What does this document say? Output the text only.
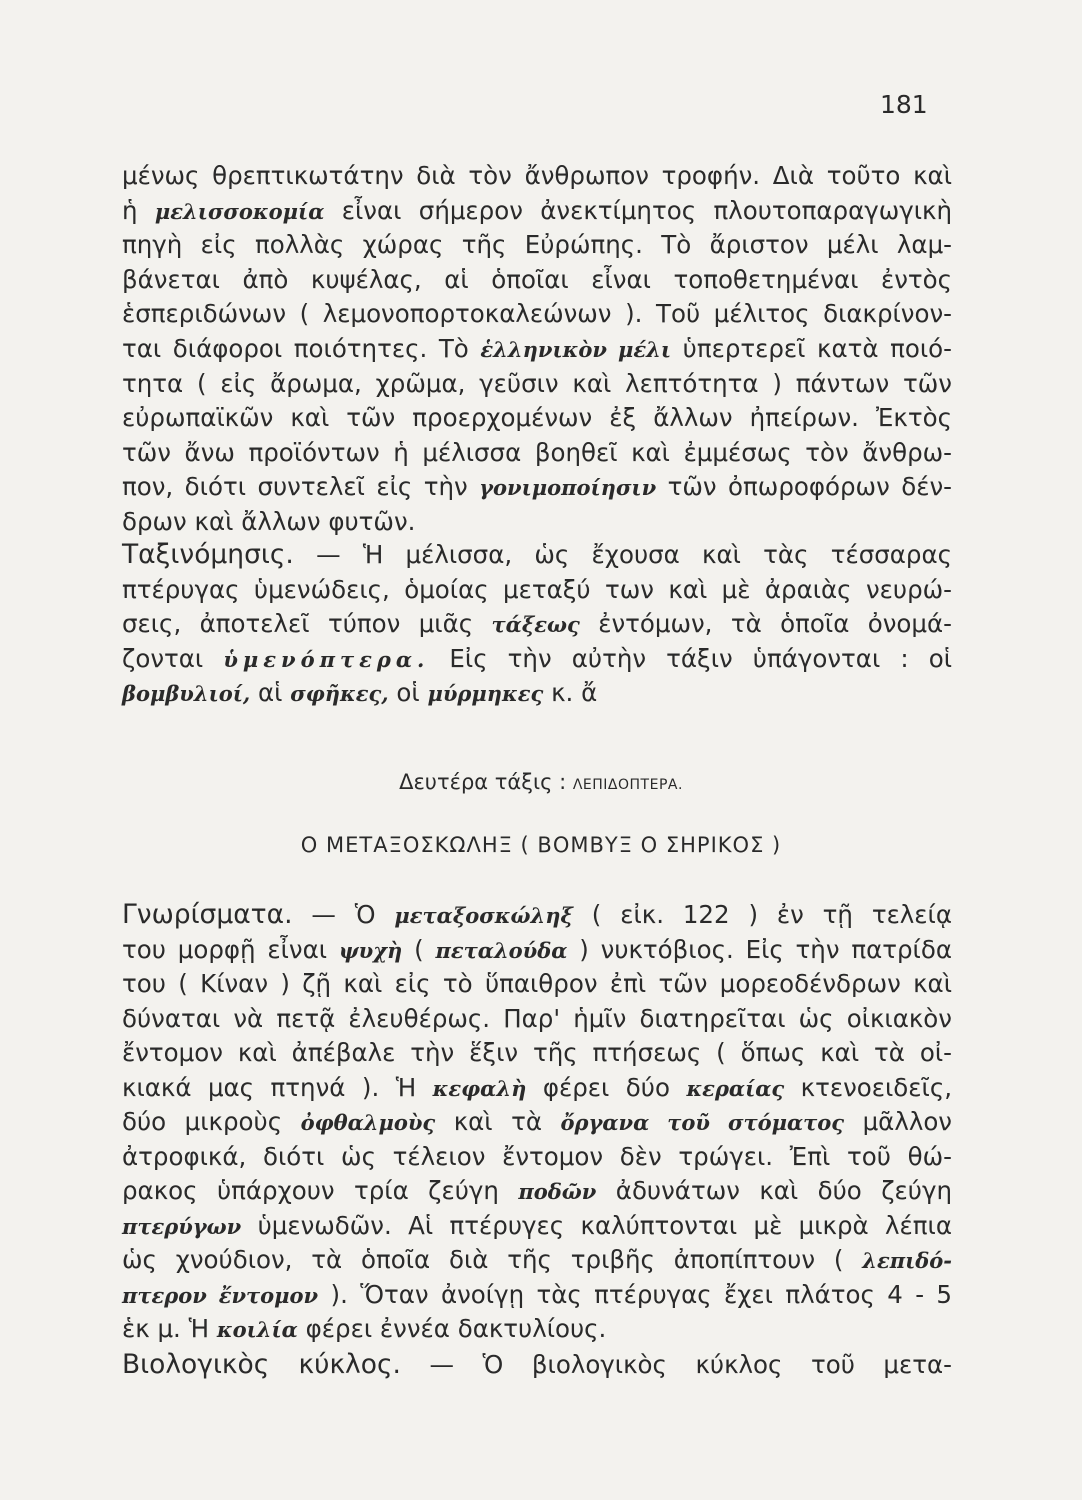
181
μένως θρεπτικωτάτην διὰ τὸν ἄνθρωπον τροφήν. Διὰ τοῦτο καὶ
ἡ μελισσοκομία εἶναι σήμερον ἀνεκτίμητος πλουτοπαραγωγικὴ
πηγὴ εἰς πολλὰς χώρας τῆς Εὐρώπης. Τὸ ἄριστον μέλι λαμ-
βάνεται ἀπὸ κυψέλας, αἱ ὁποῖαι εἶναι τοποθετημέναι ἐντὸς
ἑσπεριδώνων ( λεμονοπορτοκαλεώνων ). Τοῦ μέλιτος διακρίνον-
ται διάφοροι ποιότητες. Τὸ ἑλληνικὸν μέλι ὑπερτερεῖ κατὰ ποιό-
τητα ( εἰς ἄρωμα, χρῶμα, γεῦσιν καὶ λεπτότητα ) πάντων τῶν
εὐρωπαϊκῶν καὶ τῶν προερχομένων ἐξ ἄλλων ἠπείρων. Ἐκτὸς
τῶν ἄνω προϊόντων ἡ μέλισσα βοηθεῖ καὶ ἐμμέσως τὸν ἄνθρω-
πον, διότι συντελεῖ εἰς τὴν γονιμοποίησιν τῶν ὀπωροφόρων δέν-
δρων καὶ ἄλλων φυτῶν.
Ταξινόμησις. — Ἡ μέλισσα, ὡς ἔχουσα καὶ τὰς τέσσαρας
πτέρυγας ὑμενώδεις, ὁμοίας μεταξύ των καὶ μὲ ἀραιὰς νευρώ-
σεις, ἀποτελεῖ τύπον μιᾶς τάξεως ἐντόμων, τὰ ὁποῖα ὀνομά-
ζονται ὑμενόπτερα. Εἰς τὴν αὐτὴν τάξιν ὑπάγονται : οἱ
βομβυλιοί, αἱ σφῆκες, οἱ μύρμηκες κ. ἄ
Γνωρίσματα. — Ὁ μεταξοσκώληξ ( εἰκ. 122 ) ἐν τῇ τελείᾳ
του μορφῇ εἶναι ψυχὴ ( πεταλούδα ) νυκτόβιος. Εἰς τὴν πατρίδα
του ( Κίναν ) ζῇ καὶ εἰς τὸ ὕπαιθρον ἐπὶ τῶν μορεοδένδρων καὶ
δύναται νὰ πετᾷ ἐλευθέρως. Παρ' ἡμῖν διατηρεῖται ὡς οἰκιακὸν
ἔντομον καὶ ἀπέβαλε τὴν ἕξιν τῆς πτήσεως ( ὅπως καὶ τὰ οἰ-
κιακά μας πτηνά ). Ἡ κεφαλὴ φέρει δύο κεραίας κτενοειδεῖς,
δύο μικροὺς ὀφθαλμοὺς καὶ τὰ ὄργανα τοῦ στόματος μᾶλλον
ἀτροφικά, διότι ὡς τέλειον ἔντομον δὲν τρώγει. Ἐπὶ τοῦ θώ-
ρακος ὑπάρχουν τρία ζεύγη ποδῶν ἀδυνάτων καὶ δύο ζεύγη
πτερύγων ὑμενωδῶν. Αἱ πτέρυγες καλύπτονται μὲ μικρὰ λέπια
ὡς χνούδιον, τὰ ὁποῖα διὰ τῆς τριβῆς ἀποπίπτουν ( λεπιδό-
πτερον ἔντομον ). Ὅταν ἀνοίγῃ τὰς πτέρυγας ἔχει πλάτος 4 - 5
ἑκ μ. Ἡ κοιλία φέρει ἐννέα δακτυλίους.
Βιολογικὸς κύκλος. — Ὁ βιολογικὸς κύκλος τοῦ μετα-
Δευτέρα τάξις : ΛΕΠΙΔΟΠΤΕΡΑ.
Ο ΜΕΤΑΞΟΣΚΩΛΗΞ ( ΒΟΜΒΥΞ Ο ΣΗΡΙΚΟΣ )
